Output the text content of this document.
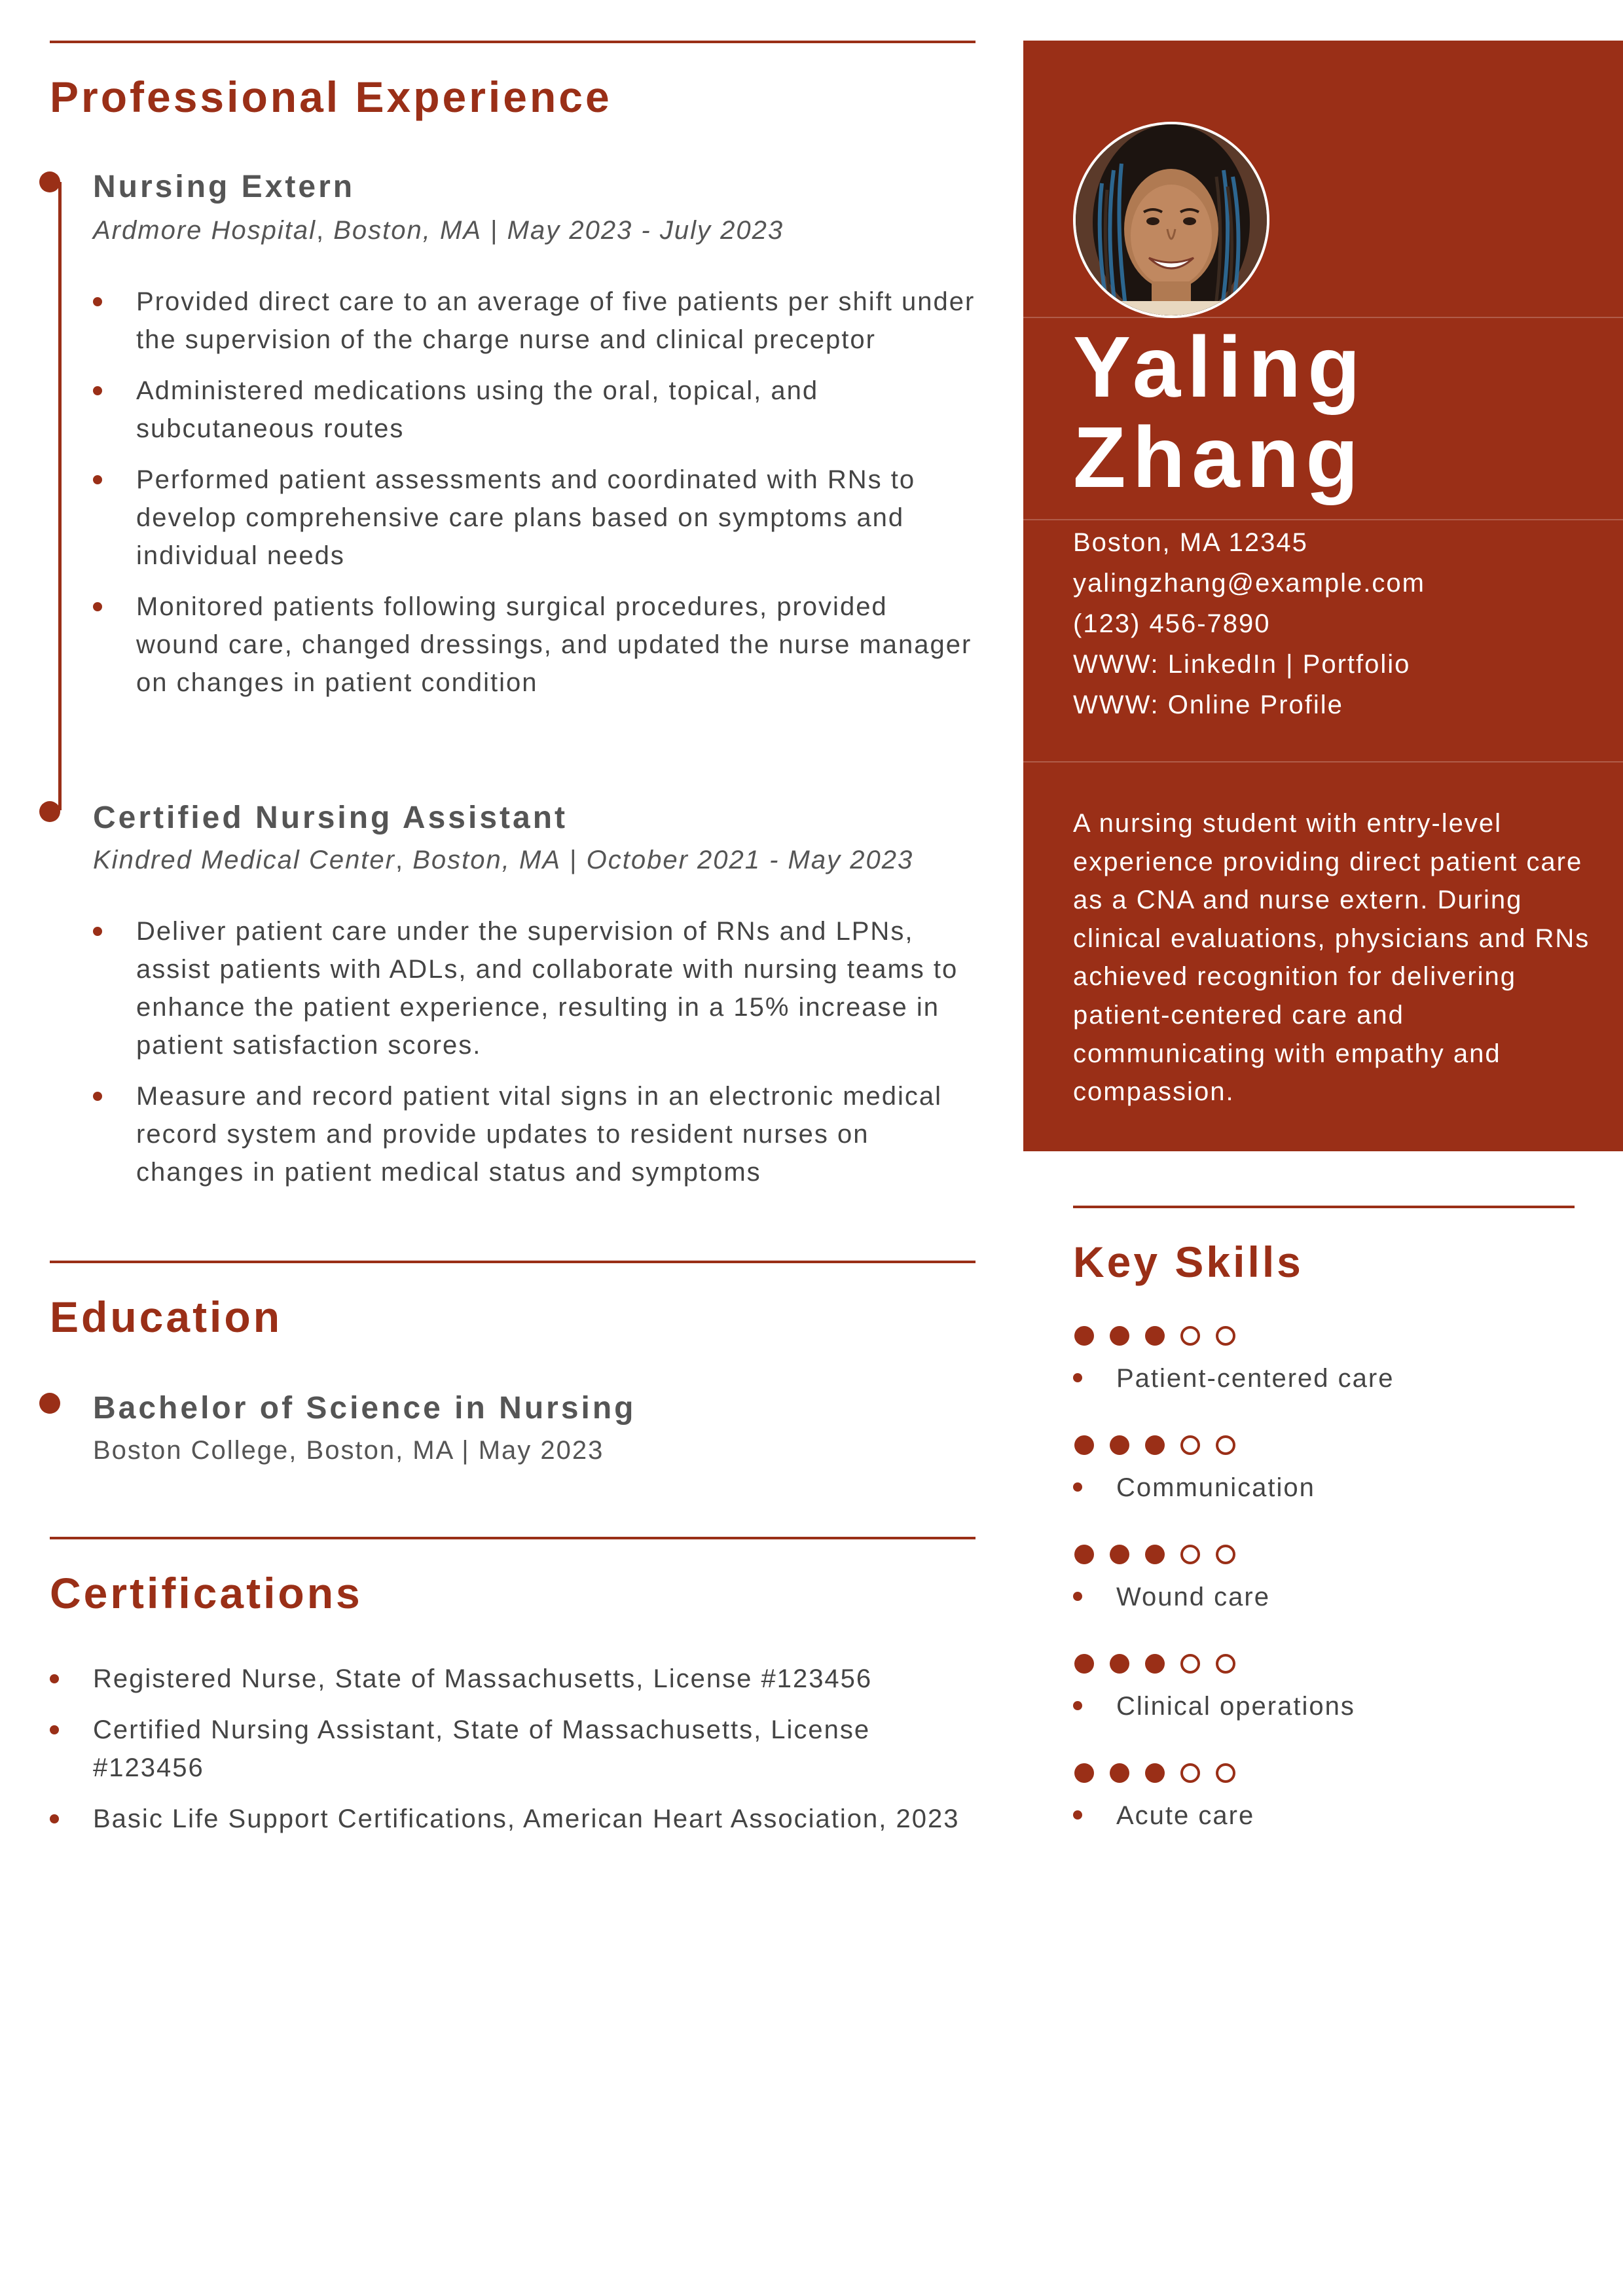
Professional Experience
Nursing Extern
Ardmore Hospital, Boston, MA | May 2023 - July 2023
Provided direct care to an average of five patients per shift under the supervision of the charge nurse and clinical preceptor
Administered medications using the oral, topical, and subcutaneous routes
Performed patient assessments and coordinated with RNs to develop comprehensive care plans based on symptoms and individual needs
Monitored patients following surgical procedures, provided wound care, changed dressings, and updated the nurse manager on changes in patient condition
Certified Nursing Assistant
Kindred Medical Center, Boston, MA | October 2021 - May 2023
Deliver patient care under the supervision of RNs and LPNs, assist patients with ADLs, and collaborate with nursing teams to enhance the patient experience, resulting in a 15% increase in patient satisfaction scores.
Measure and record patient vital signs in an electronic medical record system and provide updates to resident nurses on changes in patient medical status and symptoms
Education
Bachelor of Science in Nursing
Boston College, Boston, MA | May 2023
Certifications
Registered Nurse, State of Massachusetts, License #123456
Certified Nursing Assistant, State of Massachusetts, License #123456
Basic Life Support Certifications, American Heart Association, 2023
Yaling
Zhang
Boston, MA 12345
yalingzhang@example.com
(123) 456-7890
WWW: LinkedIn | Portfolio
WWW: Online Profile

A nursing student with entry-level experience providing direct patient care as a CNA and nurse extern. During clinical evaluations, physicians and RNs achieved recognition for delivering patient-centered care and communicating with empathy and compassion.

Key Skills
Patient-centered care
Communication
Wound care
Clinical operations
Acute care
